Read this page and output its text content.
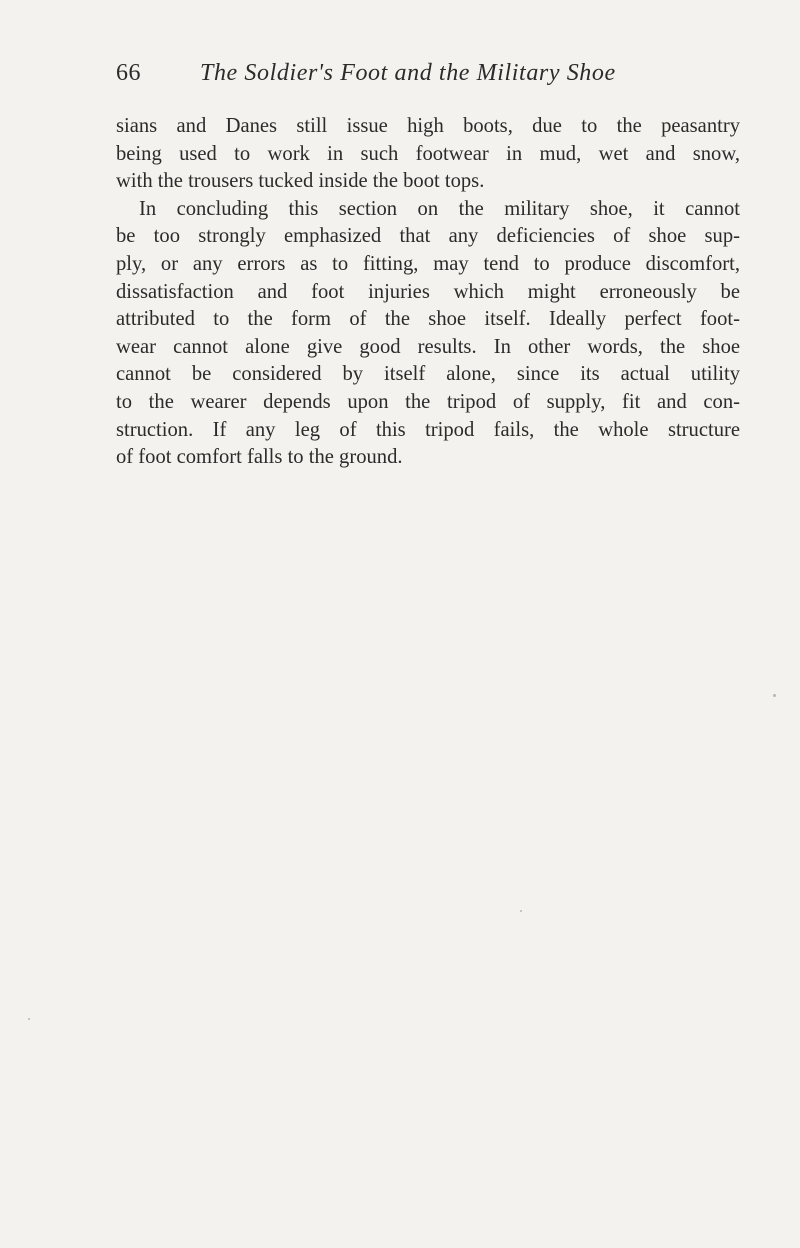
66 The Soldier's Foot and the Military Shoe
sians and Danes still issue high boots, due to the peasantry
being used to work in such footwear in mud, wet and snow,
with the trousers tucked inside the boot tops.
In concluding this section on the military shoe, it cannot
be too strongly emphasized that any deficiencies of shoe sup-
ply, or any errors as to fitting, may tend to produce discomfort,
dissatisfaction and foot injuries which might erroneously be
attributed to the form of the shoe itself. Ideally perfect foot-
wear cannot alone give good results. In other words, the shoe
cannot be considered by itself alone, since its actual utility
to the wearer depends upon the tripod of supply, fit and con-
struction. If any leg of this tripod fails, the whole structure
of foot comfort falls to the ground.
